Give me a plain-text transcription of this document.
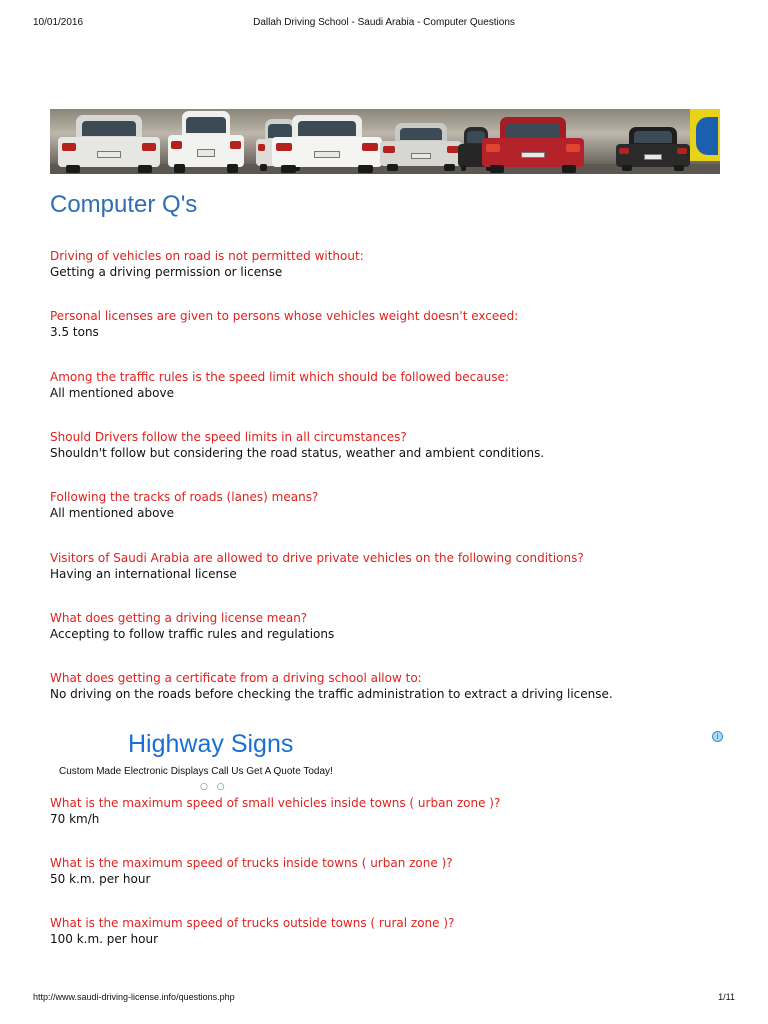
10/01/2016	Dallah Driving School - Saudi Arabia - Computer Questions
Computer Q's
Driving of vehicles on road is not permitted without:
Getting a driving permission or license
Personal licenses are given to persons whose vehicles weight doesn't exceed:
3.5 tons
Among the traffic rules is the speed limit which should be followed because:
All mentioned above
Should Drivers follow the speed limits in all circumstances?
Shouldn't follow but considering the road status, weather and ambient conditions.
Following the tracks of roads (lanes) means?
All mentioned above
Visitors of Saudi Arabia are allowed to drive private vehicles on the following conditions?
Having an international license
What does getting a driving license mean?
Accepting to follow traffic rules and regulations
What does getting a certificate from a driving school allow to:
No driving on the roads before checking the traffic administration to extract a driving license.
Highway Signs
Custom Made Electronic Displays Call Us Get A Quote Today!
i
○ ○
What is the maximum speed of small vehicles inside towns ( urban zone )?
70 km/h
What is the maximum speed of trucks inside towns ( urban zone )?
50 k.m. per hour
What is the maximum speed of trucks outside towns ( rural zone )?
100 k.m. per hour
http://www.saudi-driving-license.info/questions.php	1/11
